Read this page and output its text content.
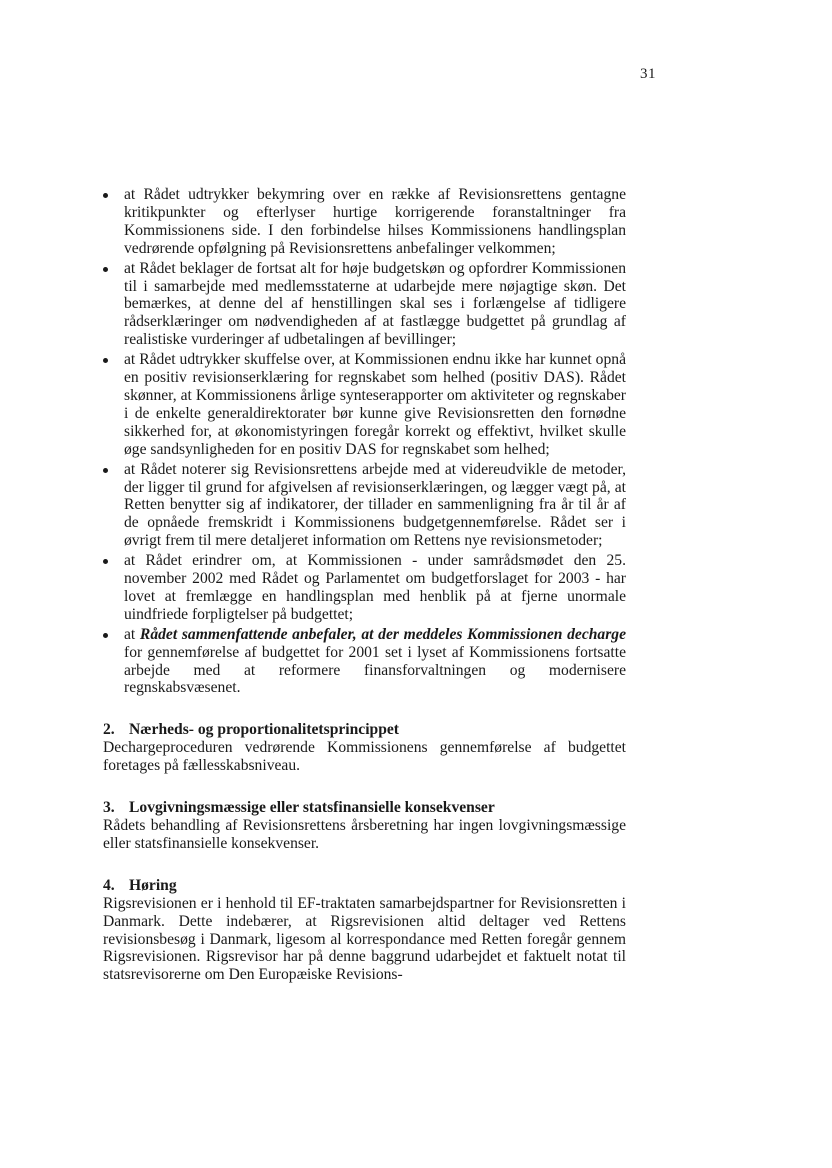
31
at Rådet udtrykker bekymring over en række af Revisionsrettens gentagne kritikpunkter og efterlyser hurtige korrigerende foranstaltninger fra Kommissionens side. I den forbindelse hilses Kommissionens handlingsplan vedrørende opfølgning på Revisionsrettens anbefalinger velkommen;
at Rådet beklager de fortsat alt for høje budgetskøn og opfordrer Kommissionen til i samarbejde med medlemsstaterne at udarbejde mere nøjagtige skøn. Det bemærkes, at denne del af henstillingen skal ses i forlængelse af tidligere rådserklæringer om nødvendigheden af at fastlægge budgettet på grundlag af realistiske vurderinger af udbetalingen af bevillinger;
at Rådet udtrykker skuffelse over, at Kommissionen endnu ikke har kunnet opnå en positiv revisionserklæring for regnskabet som helhed (positiv DAS). Rådet skønner, at Kommissionens årlige synteserapporter om aktiviteter og regnskaber i de enkelte generaldirektorater bør kunne give Revisionsretten den fornødne sikkerhed for, at økonomistyringen foregår korrekt og effektivt, hvilket skulle øge sandsynligheden for en positiv DAS for regnskabet som helhed;
at Rådet noterer sig Revisionsrettens arbejde med at videreudvikle de metoder, der ligger til grund for afgivelsen af revisionserklæringen, og lægger vægt på, at Retten benytter sig af indikatorer, der tillader en sammenligning fra år til år af de opnåede fremskridt i Kommissionens budgetgennemførelse. Rådet ser i øvrigt frem til mere detaljeret information om Rettens nye revisionsmetoder;
at Rådet erindrer om, at Kommissionen - under samrådsmødet den 25. november 2002 med Rådet og Parlamentet om budgetforslaget for 2003 - har lovet at fremlægge en handlingsplan med henblik på at fjerne unormale uindfriede forpligtelser på budgettet;
at Rådet sammenfattende anbefaler, at der meddeles Kommissionen decharge for gennemførelse af budgettet for 2001 set i lyset af Kommissionens fortsatte arbejde med at reformere finansforvaltningen og modernisere regnskabsvæsenet.
2. Nærheds- og proportionalitetsprincippet

Dechargeproceduren vedrørende Kommissionens gennemførelse af budgettet foretages på fællesskabsniveau.

3. Lovgivningsmæssige eller statsfinansielle konsekvenser

Rådets behandling af Revisionsrettens årsberetning har ingen lovgivningsmæssige eller statsfinansielle konsekvenser.

4. Høring

Rigsrevisionen er i henhold til EF-traktaten samarbejdspartner for Revisionsretten i Danmark. Dette indebærer, at Rigsrevisionen altid deltager ved Rettens revisionsbesøg i Danmark, ligesom al korrespondance med Retten foregår gennem Rigsrevisionen. Rigsrevisor har på denne baggrund udarbejdet et faktuelt notat til statsrevisorerne om Den Europæiske Revisions-
